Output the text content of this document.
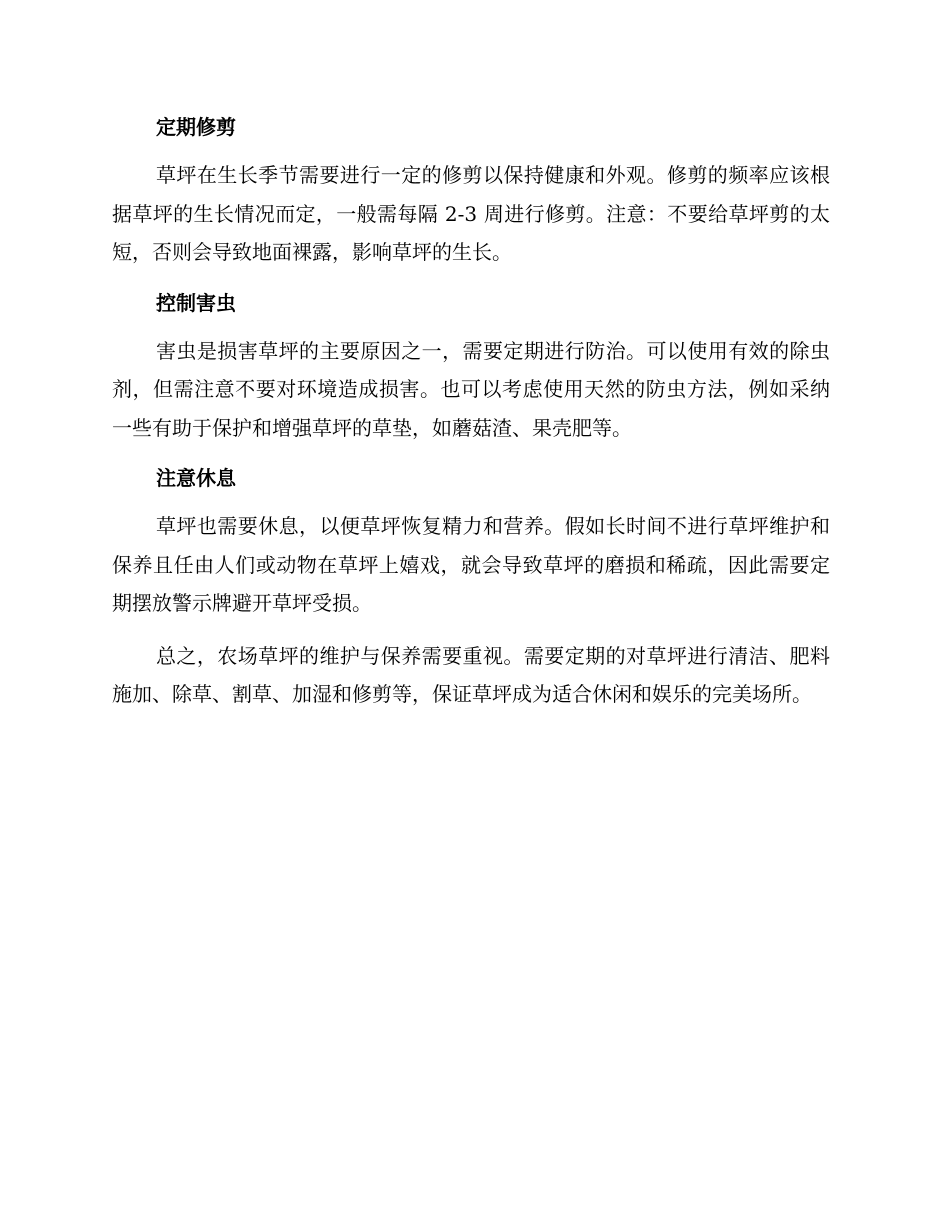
定期修剪

草坪在生长季节需要进行一定的修剪以保持健康和外观。修剪的频率应该根据草坪的生长情况而定，一般需每隔 2-3 周进行修剪。注意：不要给草坪剪的太短，否则会导致地面裸露，影响草坪的生长。

控制害虫

害虫是损害草坪的主要原因之一，需要定期进行防治。可以使用有效的除虫剂，但需注意不要对环境造成损害。也可以考虑使用天然的防虫方法，例如采纳一些有助于保护和增强草坪的草垫，如蘑菇渣、果壳肥等。

注意休息

草坪也需要休息，以便草坪恢复精力和营养。假如长时间不进行草坪维护和保养且任由人们或动物在草坪上嬉戏，就会导致草坪的磨损和稀疏，因此需要定期摆放警示牌避开草坪受损。

总之，农场草坪的维护与保养需要重视。需要定期的对草坪进行清洁、肥料施加、除草、割草、加湿和修剪等，保证草坪成为适合休闲和娱乐的完美场所。
